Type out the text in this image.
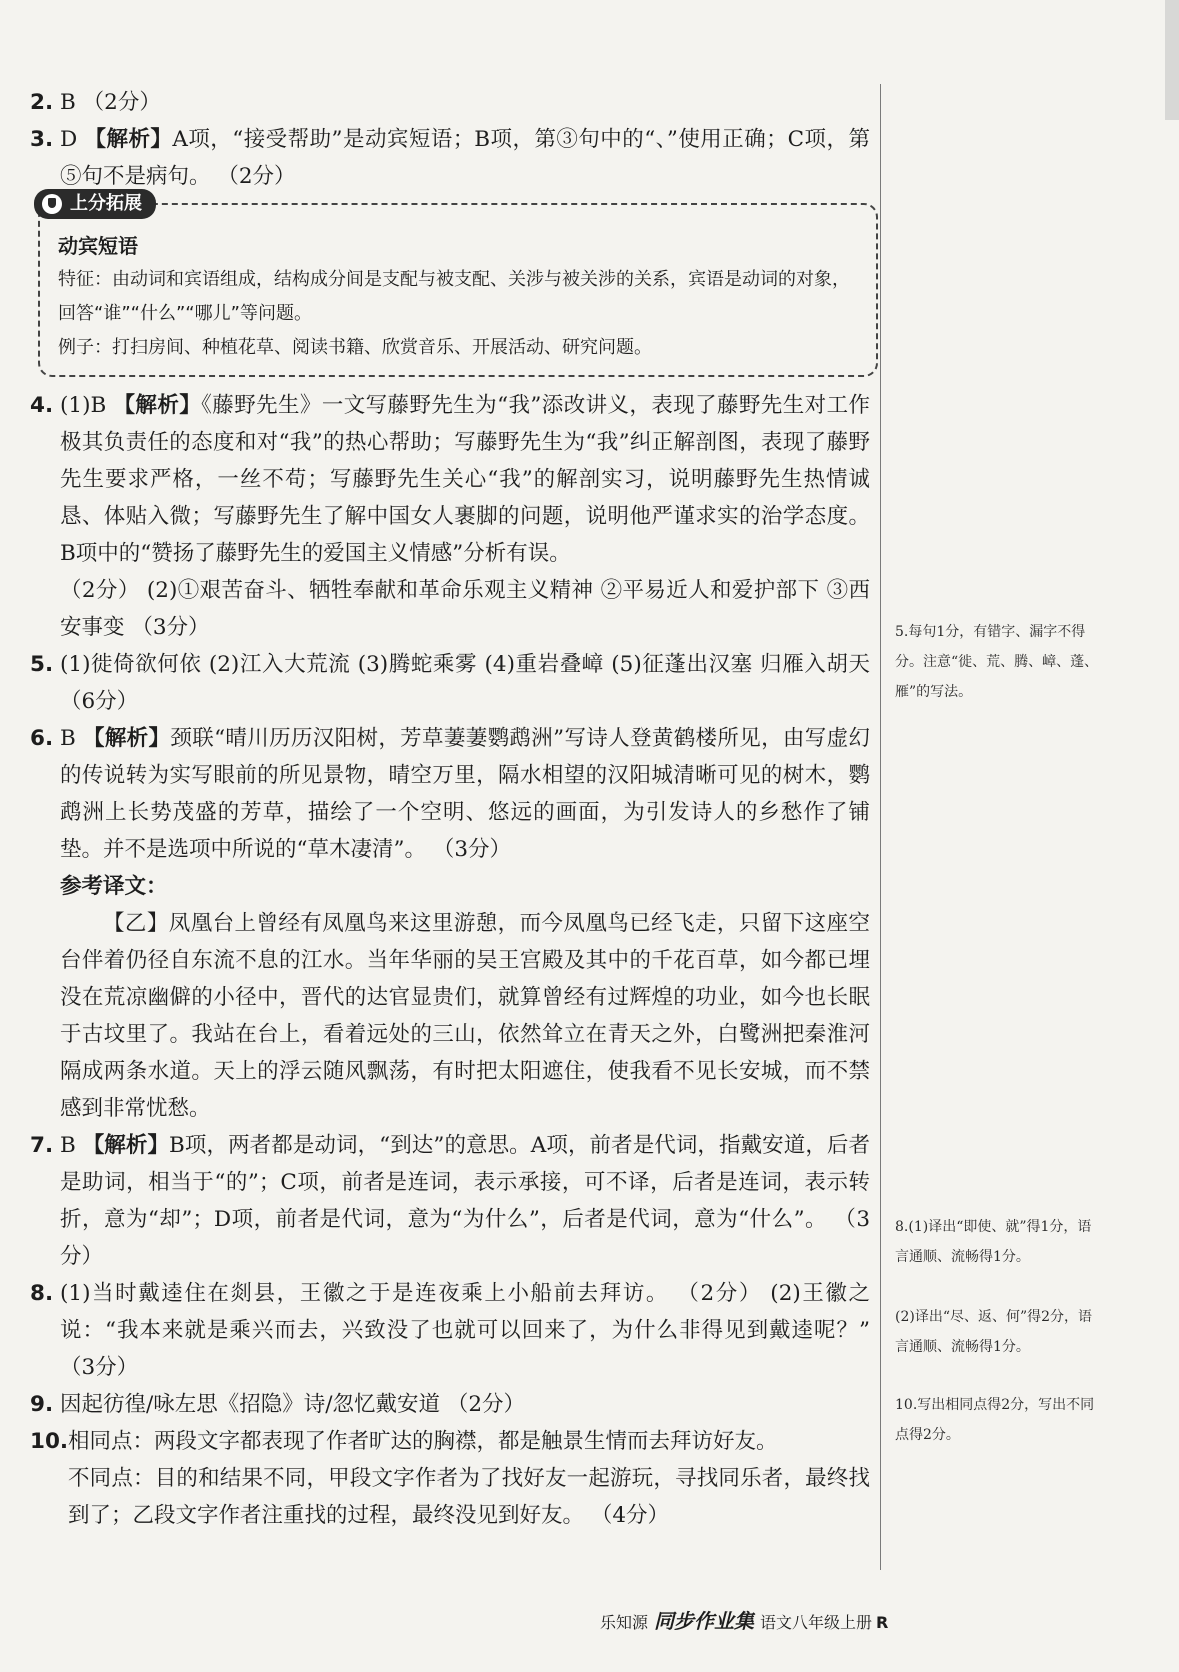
2. B （2分）
3. D 【解析】A项，“接受帮助”是动宾短语；B项，第③句中的“、”使用正确；C项，第⑤句不是病句。 （2分）
上分拓展
动宾短语
特征：由动词和宾语组成，结构成分间是支配与被支配、关涉与被关涉的关系，宾语是动词的对象，回答“谁”“什么”“哪儿”等问题。
例子：打扫房间、种植花草、阅读书籍、欣赏音乐、开展活动、研究问题。
4. (1)B 【解析】《藤野先生》一文写藤野先生为“我”添改讲义，表现了藤野先生对工作极其负责任的态度和对“我”的热心帮助；写藤野先生为“我”纠正解剖图，表现了藤野先生要求严格，一丝不苟；写藤野先生关心“我”的解剖实习，说明藤野先生热情诚恳、体贴入微；写藤野先生了解中国女人裹脚的问题，说明他严谨求实的治学态度。B项中的“赞扬了藤野先生的爱国主义情感”分析有误。
（2分） (2)①艰苦奋斗、牺牲奉献和革命乐观主义精神 ②平易近人和爱护部下 ③西安事变 （3分）
5. (1)徙倚欲何依 (2)江入大荒流 (3)腾蛇乘雾 (4)重岩叠嶂 (5)征蓬出汉塞 归雁入胡天 （6分）
6. B 【解析】颈联“晴川历历汉阳树，芳草萋萋鹦鹉洲”写诗人登黄鹤楼所见，由写虚幻的传说转为实写眼前的所见景物，晴空万里，隔水相望的汉阳城清晰可见的树木，鹦鹉洲上长势茂盛的芳草，描绘了一个空明、悠远的画面，为引发诗人的乡愁作了铺垫。并不是选项中所说的“草木凄清”。 （3分）
参考译文：
【乙】凤凰台上曾经有凤凰鸟来这里游憩，而今凤凰鸟已经飞走，只留下这座空台伴着仍径自东流不息的江水。当年华丽的吴王宫殿及其中的千花百草，如今都已埋没在荒凉幽僻的小径中，晋代的达官显贵们，就算曾经有过辉煌的功业，如今也长眠于古坟里了。我站在台上，看着远处的三山，依然耸立在青天之外，白鹭洲把秦淮河隔成两条水道。天上的浮云随风飘荡，有时把太阳遮住，使我看不见长安城，而不禁感到非常忧愁。
7. B 【解析】B项，两者都是动词，“到达”的意思。A项，前者是代词，指戴安道，后者是助词，相当于“的”；C项，前者是连词，表示承接，可不译，后者是连词，表示转折，意为“却”；D项，前者是代词，意为“为什么”，后者是代词，意为“什么”。 （3分）
8. (1)当时戴逵住在剡县，王徽之于是连夜乘上小船前去拜访。 （2分） (2)王徽之说：“我本来就是乘兴而去，兴致没了也就可以回来了，为什么非得见到戴逵呢？” （3分）
9. 因起彷徨/咏左思《招隐》诗/忽忆戴安道 （2分）
10. 相同点：两段文字都表现了作者旷达的胸襟，都是触景生情而去拜访好友。
不同点：目的和结果不同，甲段文字作者为了找好友一起游玩，寻找同乐者，最终找到了；乙段文字作者注重找的过程，最终没见到好友。 （4分）
5.每句1分，有错字、漏字不得分。注意“徙、荒、腾、嶂、蓬、雁”的写法。
8.(1)译出“即使、就”得1分，语言通顺、流畅得1分。
(2)译出“尽、返、何”得2分，语言通顺、流畅得1分。
10.写出相同点得2分，写出不同点得2分。
乐知源 同步作业集 语文八年级上册 R
